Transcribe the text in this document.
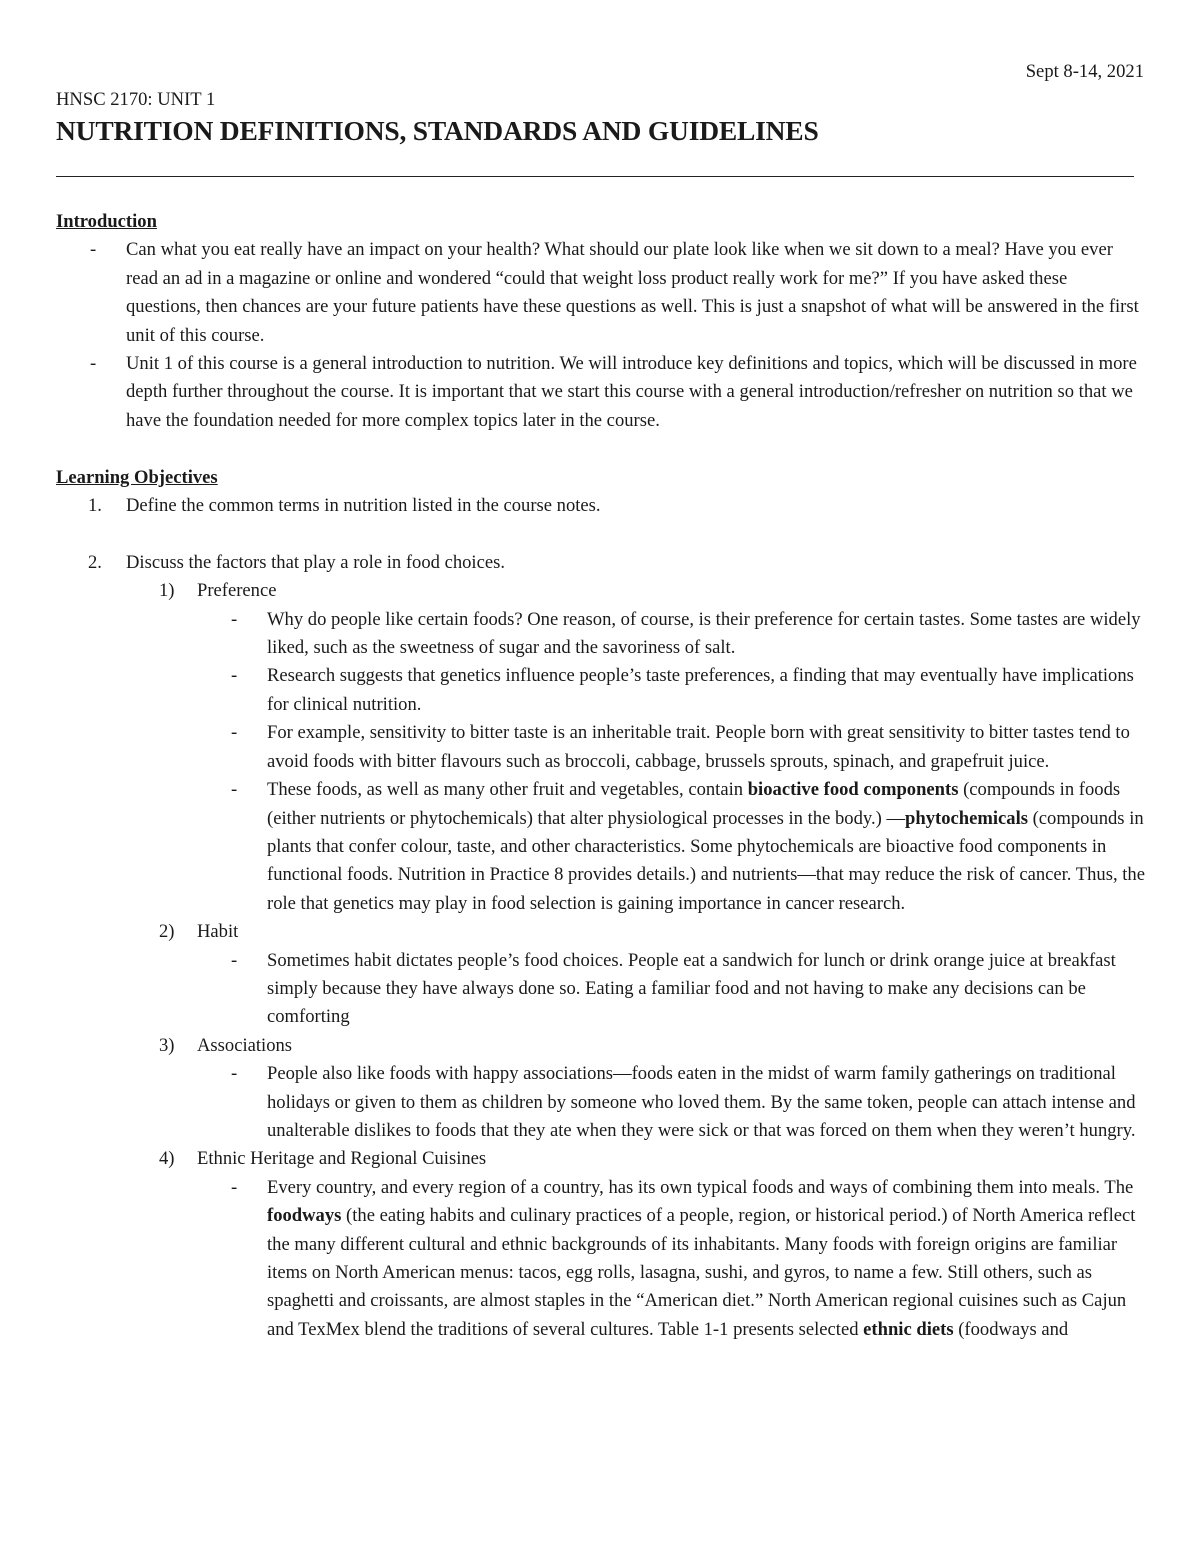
Sept 8-14, 2021
HNSC 2170: UNIT 1
NUTRITION DEFINITIONS, STANDARDS AND GUIDELINES
Introduction
- Can what you eat really have an impact on your health? What should our plate look like when we sit down to a meal? Have you ever read an ad in a magazine or online and wondered “could that weight loss product really work for me?” If you have asked these questions, then chances are your future patients have these questions as well. This is just a snapshot of what will be answered in the first unit of this course.
- Unit 1 of this course is a general introduction to nutrition. We will introduce key definitions and topics, which will be discussed in more depth further throughout the course. It is important that we start this course with a general introduction/refresher on nutrition so that we have the foundation needed for more complex topics later in the course.
Learning Objectives
1. Define the common terms in nutrition listed in the course notes.
2. Discuss the factors that play a role in food choices.
1) Preference
- Why do people like certain foods? One reason, of course, is their preference for certain tastes. Some tastes are widely liked, such as the sweetness of sugar and the savoriness of salt.
- Research suggests that genetics influence people’s taste preferences, a finding that may eventually have implications for clinical nutrition.
- For example, sensitivity to bitter taste is an inheritable trait. People born with great sensitivity to bitter tastes tend to avoid foods with bitter flavours such as broccoli, cabbage, brussels sprouts, spinach, and grapefruit juice.
- These foods, as well as many other fruit and vegetables, contain bioactive food components (compounds in foods (either nutrients or phytochemicals) that alter physiological processes in the body.) —phytochemicals (compounds in plants that confer colour, taste, and other characteristics. Some phytochemicals are bioactive food components in functional foods. Nutrition in Practice 8 provides details.) and nutrients—that may reduce the risk of cancer. Thus, the role that genetics may play in food selection is gaining importance in cancer research.
2) Habit
- Sometimes habit dictates people’s food choices. People eat a sandwich for lunch or drink orange juice at breakfast simply because they have always done so. Eating a familiar food and not having to make any decisions can be comforting
3) Associations
- People also like foods with happy associations—foods eaten in the midst of warm family gatherings on traditional holidays or given to them as children by someone who loved them. By the same token, people can attach intense and unalterable dislikes to foods that they ate when they were sick or that was forced on them when they weren’t hungry.
4) Ethnic Heritage and Regional Cuisines
- Every country, and every region of a country, has its own typical foods and ways of combining them into meals. The foodways (the eating habits and culinary practices of a people, region, or historical period.) of North America reflect the many different cultural and ethnic backgrounds of its inhabitants. Many foods with foreign origins are familiar items on North American menus: tacos, egg rolls, lasagna, sushi, and gyros, to name a few. Still others, such as spaghetti and croissants, are almost staples in the “American diet.” North American regional cuisines such as Cajun and TexMex blend the traditions of several cultures. Table 1-1 presents selected ethnic diets (foodways and
